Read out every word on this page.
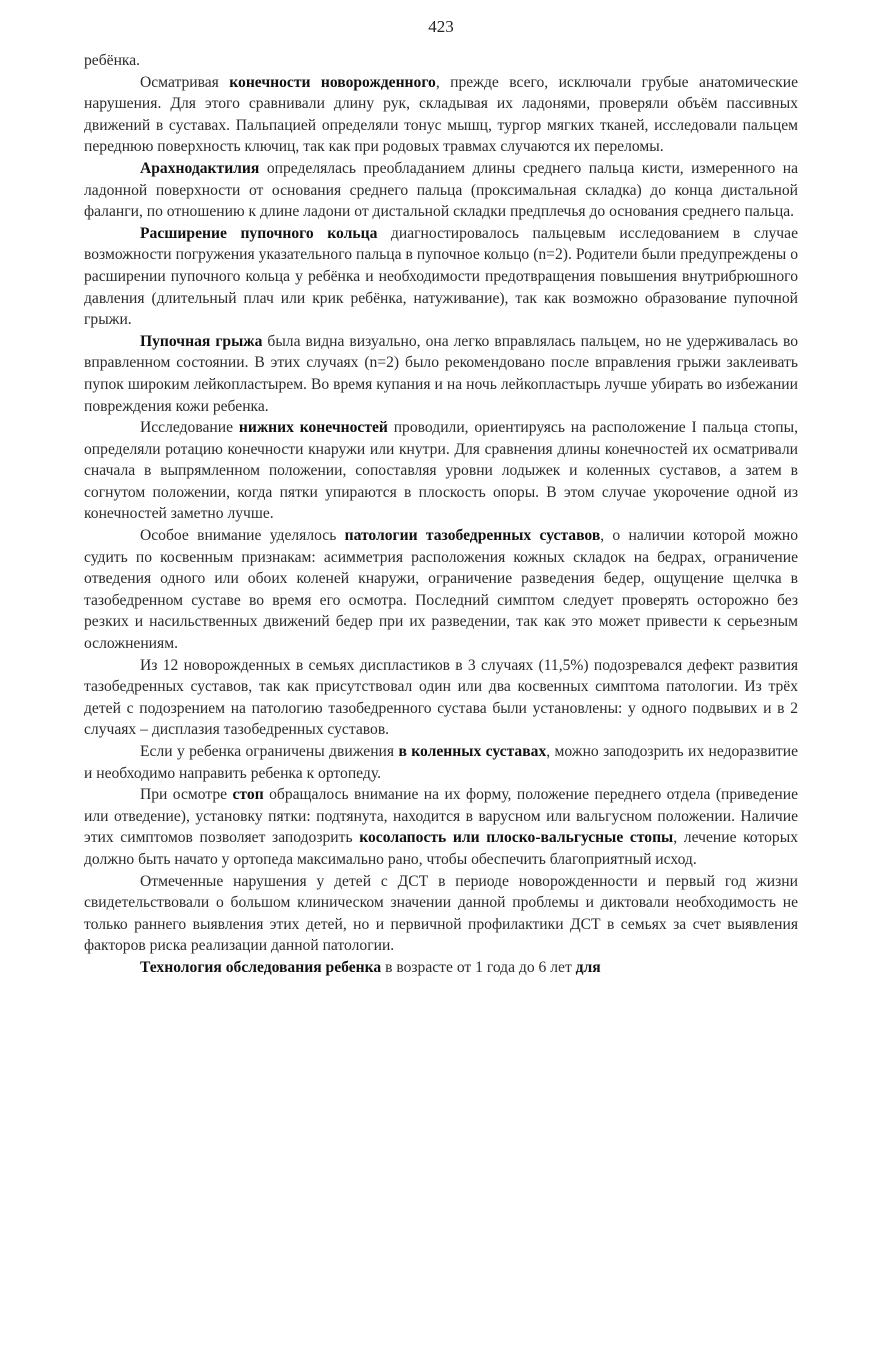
423

ребёнка.

Осматривая конечности новорожденного, прежде всего, исключали грубые анатомические нарушения. Для этого сравнивали длину рук, складывая их ладонями, проверяли объём пассивных движений в суставах. Пальпацией определяли тонус мышц, тургор мягких тканей, исследовали пальцем переднюю поверхность ключиц, так как при родовых травмах случаются их переломы.

Арахнодактилия определялась преобладанием длины среднего пальца кисти, измеренного на ладонной поверхности от основания среднего пальца (проксимальная складка) до конца дистальной фаланги, по отношению к длине ладони от дистальной складки предплечья до основания среднего пальца.

Расширение пупочного кольца диагностировалось пальцевым исследованием в случае возможности погружения указательного пальца в пупочное кольцо (n=2). Родители были предупреждены о расширении пупочного кольца у ребёнка и необходимости предотвращения повышения внутрибрюшного давления (длительный плач или крик ребёнка, натуживание), так как возможно образование пупочной грыжи.

Пупочная грыжа была видна визуально, она легко вправлялась пальцем, но не удерживалась во вправленном состоянии. В этих случаях (n=2) было рекомендовано после вправления грыжи заклеивать пупок широким лейкопластырем. Во время купания и на ночь лейкопластырь лучше убирать во избежании повреждения кожи ребенка.

Исследование нижних конечностей проводили, ориентируясь на расположение I пальца стопы, определяли ротацию конечности кнаружи или кнутри. Для сравнения длины конечностей их осматривали сначала в выпрямленном положении, сопоставляя уровни лодыжек и коленных суставов, а затем в согнутом положении, когда пятки упираются в плоскость опоры. В этом случае укорочение одной из конечностей заметно лучше.

Особое внимание уделялось патологии тазобедренных суставов, о наличии которой можно судить по косвенным признакам: асимметрия расположения кожных складок на бедрах, ограничение отведения одного или обоих коленей кнаружи, ограничение разведения бедер, ощущение щелчка в тазобедренном суставе во время его осмотра. Последний симптом следует проверять осторожно без резких и насильственных движений бедер при их разведении, так как это может привести к серьезным осложнениям.

Из 12 новорожденных в семьях диспластиков в 3 случаях (11,5%) подозревался дефект развития тазобедренных суставов, так как присутствовал один или два косвенных симптома патологии. Из трёх детей с подозрением на патологию тазобедренного сустава были установлены: у одного подвывих и в 2 случаях – дисплазия тазобедренных суставов.

Если у ребенка ограничены движения в коленных суставах, можно заподозрить их недоразвитие и необходимо направить ребенка к ортопеду.

При осмотре стоп обращалось внимание на их форму, положение переднего отдела (приведение или отведение), установку пятки: подтянута, находится в варусном или вальгусном положении. Наличие этих симптомов позволяет заподозрить косолапость или плоско-вальгусные стопы, лечение которых должно быть начато у ортопеда максимально рано, чтобы обеспечить благоприятный исход.

Отмеченные нарушения у детей с ДСТ в периоде новорожденности и первый год жизни свидетельствовали о большом клиническом значении данной проблемы и диктовали необходимость не только раннего выявления этих детей, но и первичной профилактики ДСТ в семьях за счет выявления факторов риска реализации данной патологии.

Технология обследования ребенка в возрасте от 1 года до 6 лет для
